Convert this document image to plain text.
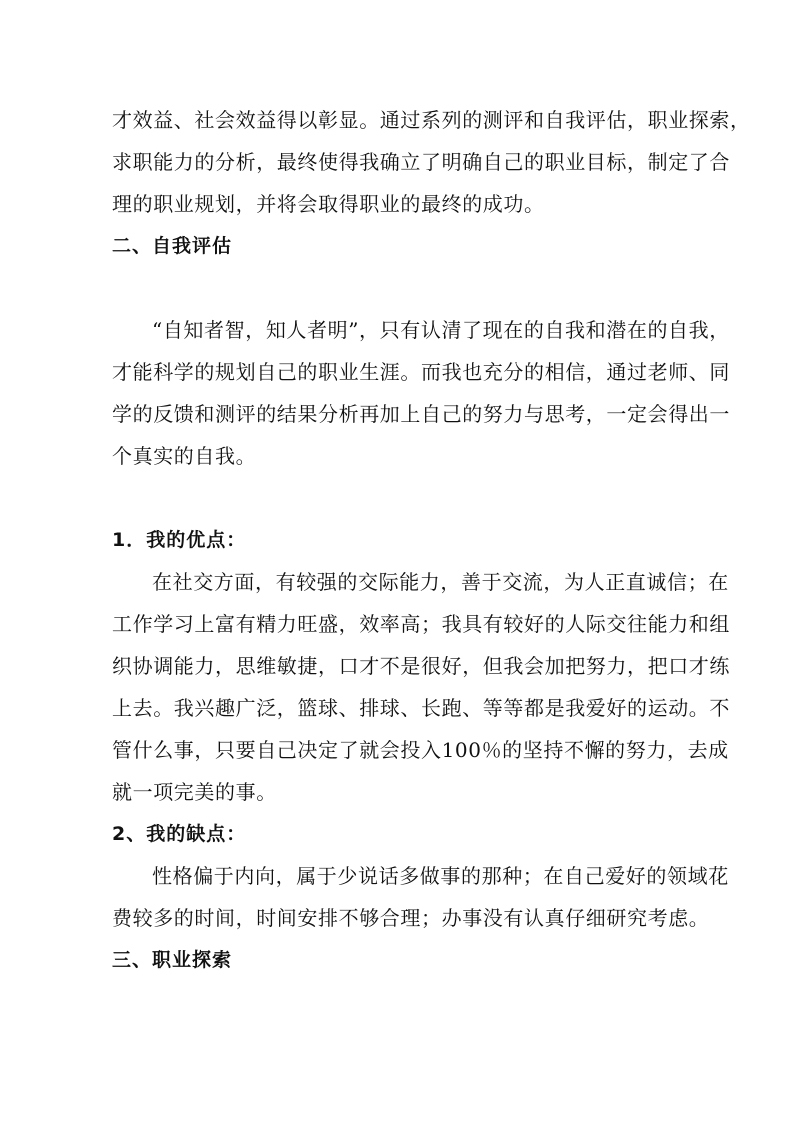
才效益、社会效益得以彰显。通过系列的测评和自我评估，职业探索，
求职能力的分析，最终使得我确立了明确自己的职业目标，制定了合
理的职业规划，并将会取得职业的最终的成功。
二、自我评估
“自知者智，知人者明”，只有认清了现在的自我和潜在的自我，
才能科学的规划自己的职业生涯。而我也充分的相信，通过老师、同
学的反馈和测评的结果分析再加上自己的努力与思考，一定会得出一
个真实的自我。
1．我的优点：
在社交方面，有较强的交际能力，善于交流，为人正直诚信；在
工作学习上富有精力旺盛，效率高；我具有较好的人际交往能力和组
织协调能力，思维敏捷，口才不是很好，但我会加把努力，把口才练
上去。我兴趣广泛，篮球、排球、长跑、等等都是我爱好的运动。不
管什么事，只要自己决定了就会投入100％的坚持不懈的努力，去成
就一项完美的事。
2、我的缺点：
性格偏于内向，属于少说话多做事的那种；在自己爱好的领域花
费较多的时间，时间安排不够合理；办事没有认真仔细研究考虑。
三、职业探索
